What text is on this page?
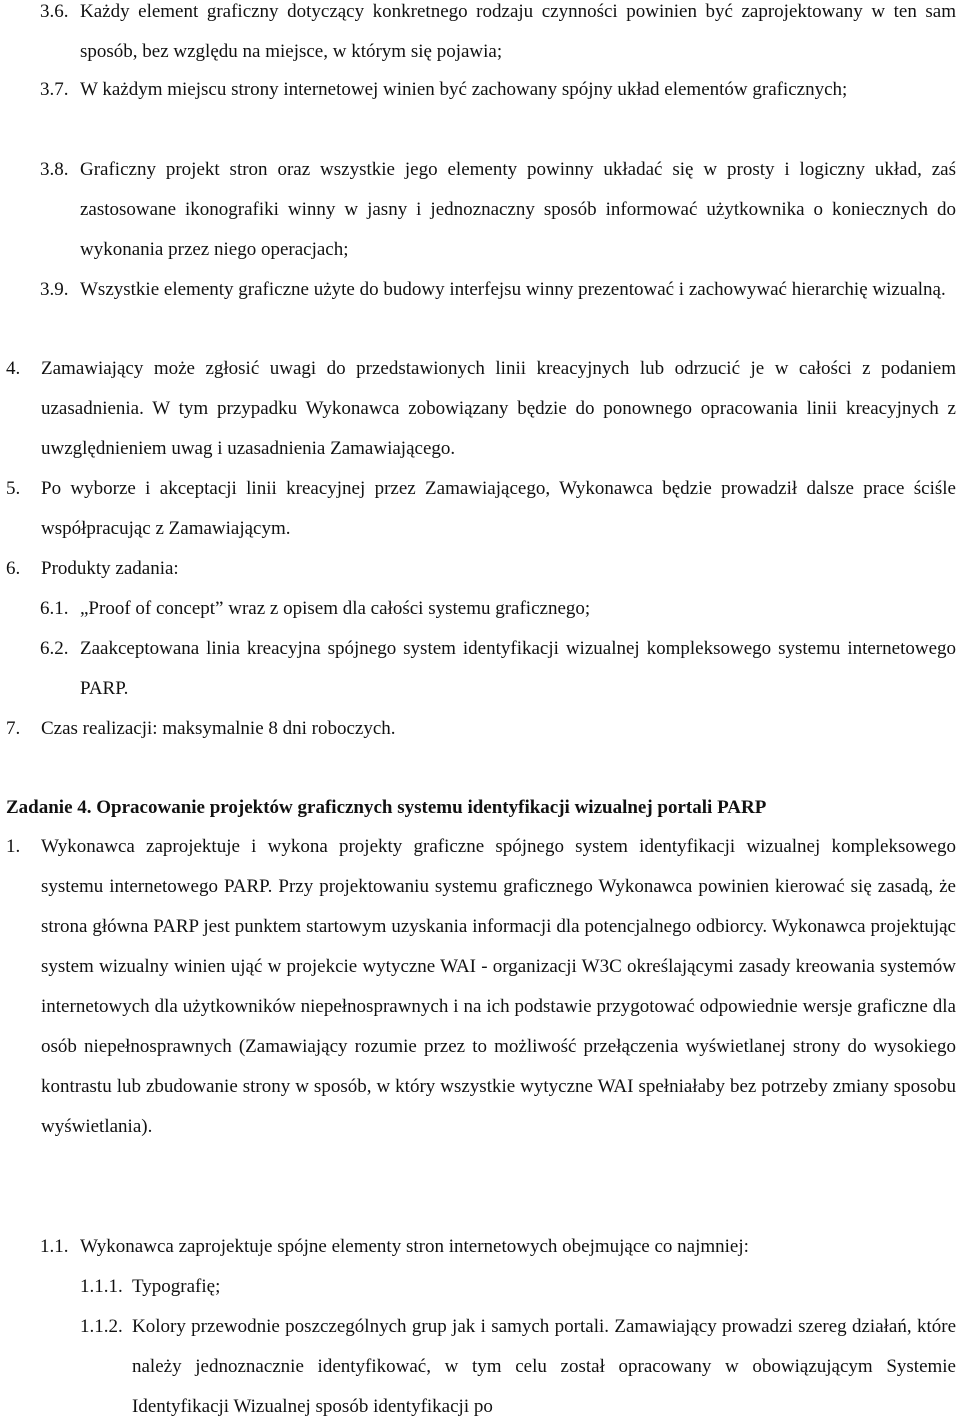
3.6. Każdy element graficzny dotyczący konkretnego rodzaju czynności powinien być zaprojektowany w ten sam sposób, bez względu na miejsce, w którym się pojawia;
3.7. W każdym miejscu strony internetowej winien być zachowany spójny układ elementów graficznych;
3.8. Graficzny projekt stron oraz wszystkie jego elementy powinny układać się w prosty i logiczny układ, zaś zastosowane ikonografiki winny w jasny i jednoznaczny sposób informować użytkownika o koniecznych do wykonania przez niego operacjach;
3.9. Wszystkie elementy graficzne użyte do budowy interfejsu winny prezentować i zachowywać hierarchię wizualną.
4.	Zamawiający może zgłosić uwagi do przedstawionych linii kreacyjnych lub odrzucić je w całości z podaniem uzasadnienia. W tym przypadku Wykonawca zobowiązany będzie do ponownego opracowania linii kreacyjnych z uwzględnieniem uwag i uzasadnienia Zamawiającego.
5.	Po wyborze i akceptacji linii kreacyjnej przez Zamawiającego, Wykonawca będzie prowadził dalsze prace ściśle współpracując z Zamawiającym.
6.	Produkty zadania:
6.1. „Proof of concept” wraz z opisem dla całości systemu graficznego;
6.2. Zaakceptowana linia kreacyjna spójnego system identyfikacji wizualnej kompleksowego systemu internetowego PARP.
7.	Czas realizacji: maksymalnie 8 dni roboczych.
Zadanie 4. Opracowanie projektów graficznych systemu identyfikacji wizualnej portali PARP
1.	Wykonawca zaprojektuje i wykona projekty graficzne spójnego system identyfikacji wizualnej kompleksowego systemu internetowego PARP. Przy projektowaniu systemu graficznego Wykonawca powinien kierować się zasadą, że strona główna PARP jest punktem startowym uzyskania informacji dla potencjalnego odbiorcy. Wykonawca projektując system wizualny winien ująć w projekcie wytyczne WAI - organizacji W3C określającymi zasady kreowania systemów internetowych dla użytkowników niepełnosprawnych i na ich podstawie przygotować odpowiednie wersje graficzne dla osób niepełnosprawnych (Zamawiający rozumie przez to możliwość przełączenia wyświetlanej strony do wysokiego kontrastu lub zbudowanie strony w sposób, w który wszystkie wytyczne WAI spełniałaby bez potrzeby zmiany sposobu wyświetlania).
1.1. Wykonawca zaprojektuje spójne elementy stron internetowych obejmujące co najmniej:
1.1.1. Typografię;
1.1.2. Kolory przewodnie poszczególnych grup jak i samych portali. Zamawiający prowadzi szereg działań, które należy jednoznacznie identyfikować, w tym celu został opracowany w obowiązującym Systemie Identyfikacji Wizualnej sposób identyfikacji po
